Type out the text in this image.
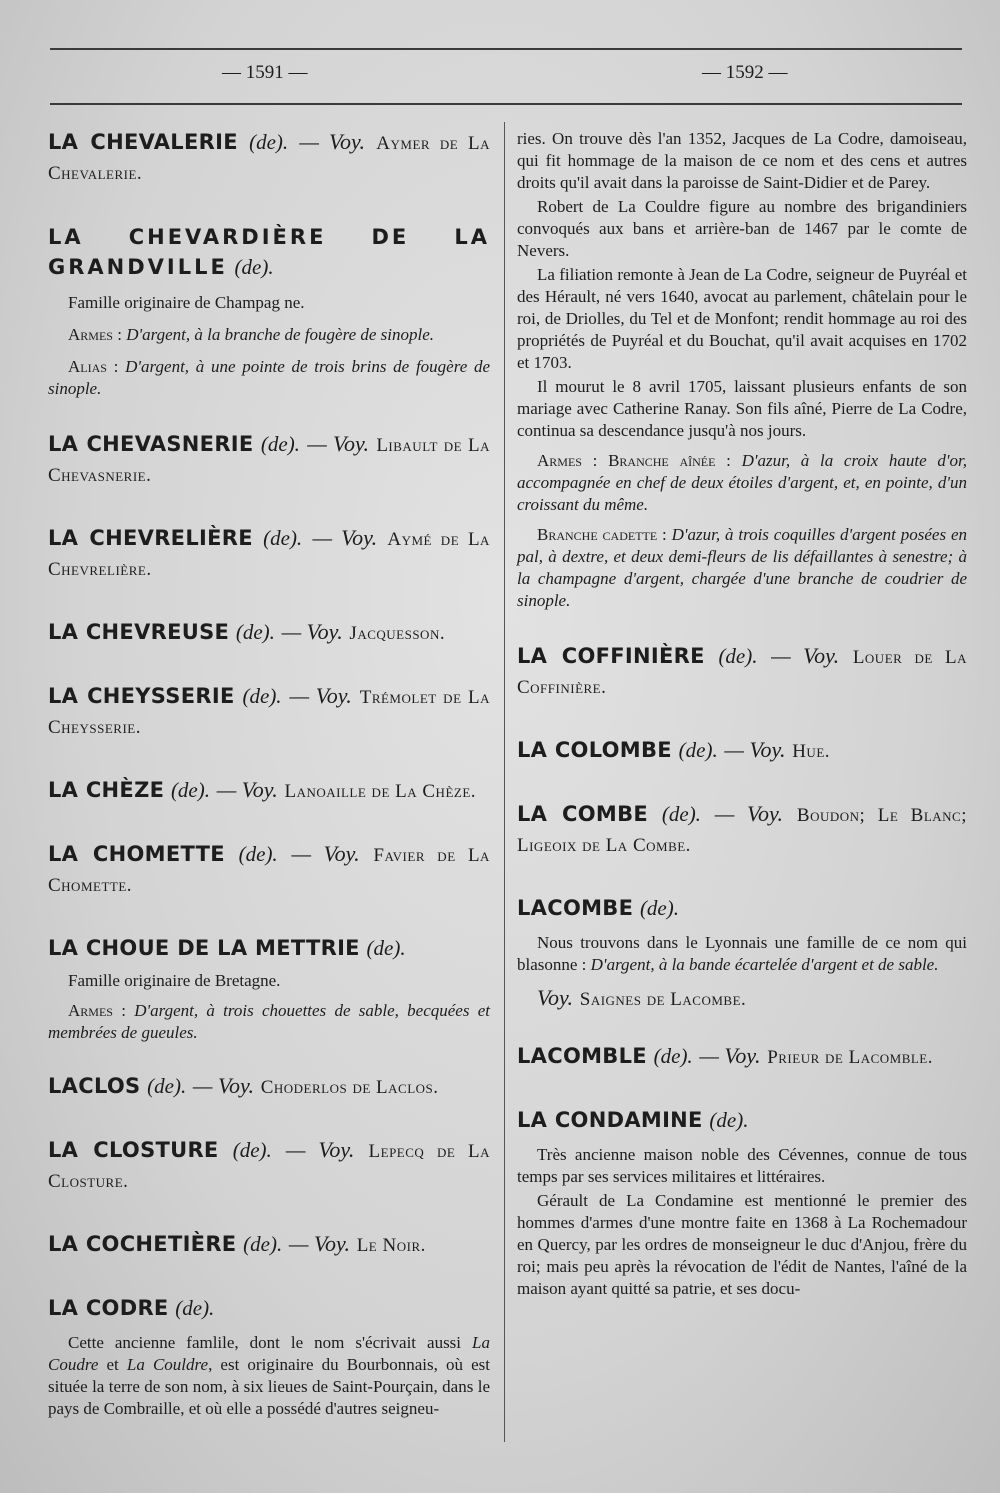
— 1591 —	— 1592 —
LA CHEVALERIE (de). — Voy. Aymer de La Chevalerie.
LA CHEVARDIÈRE DE LA GRANDVILLE (de).
Famille originaire de Champag ne.
Armes : D'argent, à la branche de fougère de sinople.
Alias : D'argent, à une pointe de trois brins de fougère de sinople.
LA CHEVASNERIE (de). — Voy. Libault de La Chevasnerie.
LA CHEVRELIÈRE (de). — Voy. Aymé de La Chevrelière.
LA CHEVREUSE (de). — Voy. Jacquesson.
LA CHEYSSERIE (de). — Voy. Trémolet de La Cheysserie.
LA CHÈZE (de). — Voy. Lanoaille de La Chèze.
LA CHOMETTE (de). — Voy. Favier de La Chomette.
LA CHOUE DE LA METTRIE (de).
Famille originaire de Bretagne.
Armes : D'argent, à trois chouettes de sable, becquées et membrées de gueules.
LACLOS (de). — Voy. Choderlos de Laclos.
LA CLOSTURE (de). — Voy. Lepecq de La Closture.
LA COCHETIÈRE (de). — Voy. Le Noir.
LA CODRE (de).
Cette ancienne famlile, dont le nom s'écrivait aussi La Coudre et La Couldre, est originaire du Bourbonnais, où est située la terre de son nom, à six lieues de Saint-Pourçain, dans le pays de Combraille, et où elle a possédé d'autres seigneu-
ries. On trouve dès l'an 1352, Jacques de La Codre, damoiseau, qui fit hommage de la maison de ce nom et des cens et autres droits qu'il avait dans la paroisse de Saint-Didier et de Parey.
Robert de La Couldre figure au nombre des brigandiniers convoqués aux bans et arrière-ban de 1467 par le comte de Nevers.
La filiation remonte à Jean de La Codre, seigneur de Puyréal et des Hérault, né vers 1640, avocat au parlement, châtelain pour le roi, de Driolles, du Tel et de Monfont; rendit hommage au roi des propriétés de Puyréal et du Bouchat, qu'il avait acquises en 1702 et 1703.
Il mourut le 8 avril 1705, laissant plusieurs enfants de son mariage avec Catherine Ranay. Son fils aîné, Pierre de La Codre, continua sa descendance jusqu'à nos jours.
Armes : Branche aînée : D'azur, à la croix haute d'or, accompagnée en chef de deux étoiles d'argent, et, en pointe, d'un croissant du même.
Branche cadette : D'azur, à trois coquilles d'argent posées en pal, à dextre, et deux demi-fleurs de lis défaillantes à senestre; à la champagne d'argent, chargée d'une branche de coudrier de sinople.
LA COFFINIÈRE (de). — Voy. Louer de La Coffinière.
LA COLOMBE (de). — Voy. Hue.
LA COMBE (de). — Voy. Boudon; Le Blanc; Ligeoix de La Combe.
LACOMBE (de).
Nous trouvons dans le Lyonnais une famille de ce nom qui blasonne : D'argent, à la bande écartelée d'argent et de sable.
Voy. Saignes de Lacombe.
LACOMBLE (de). — Voy. Prieur de Lacomble.
LA CONDAMINE (de).
Très ancienne maison noble des Cévennes, connue de tous temps par ses services militaires et littéraires.
Gérault de La Condamine est mentionné le premier des hommes d'armes d'une montre faite en 1368 à La Rochemadour en Quercy, par les ordres de monseigneur le duc d'Anjou, frère du roi; mais peu après la révocation de l'édit de Nantes, l'aîné de la maison ayant quitté sa patrie, et ses docu-
